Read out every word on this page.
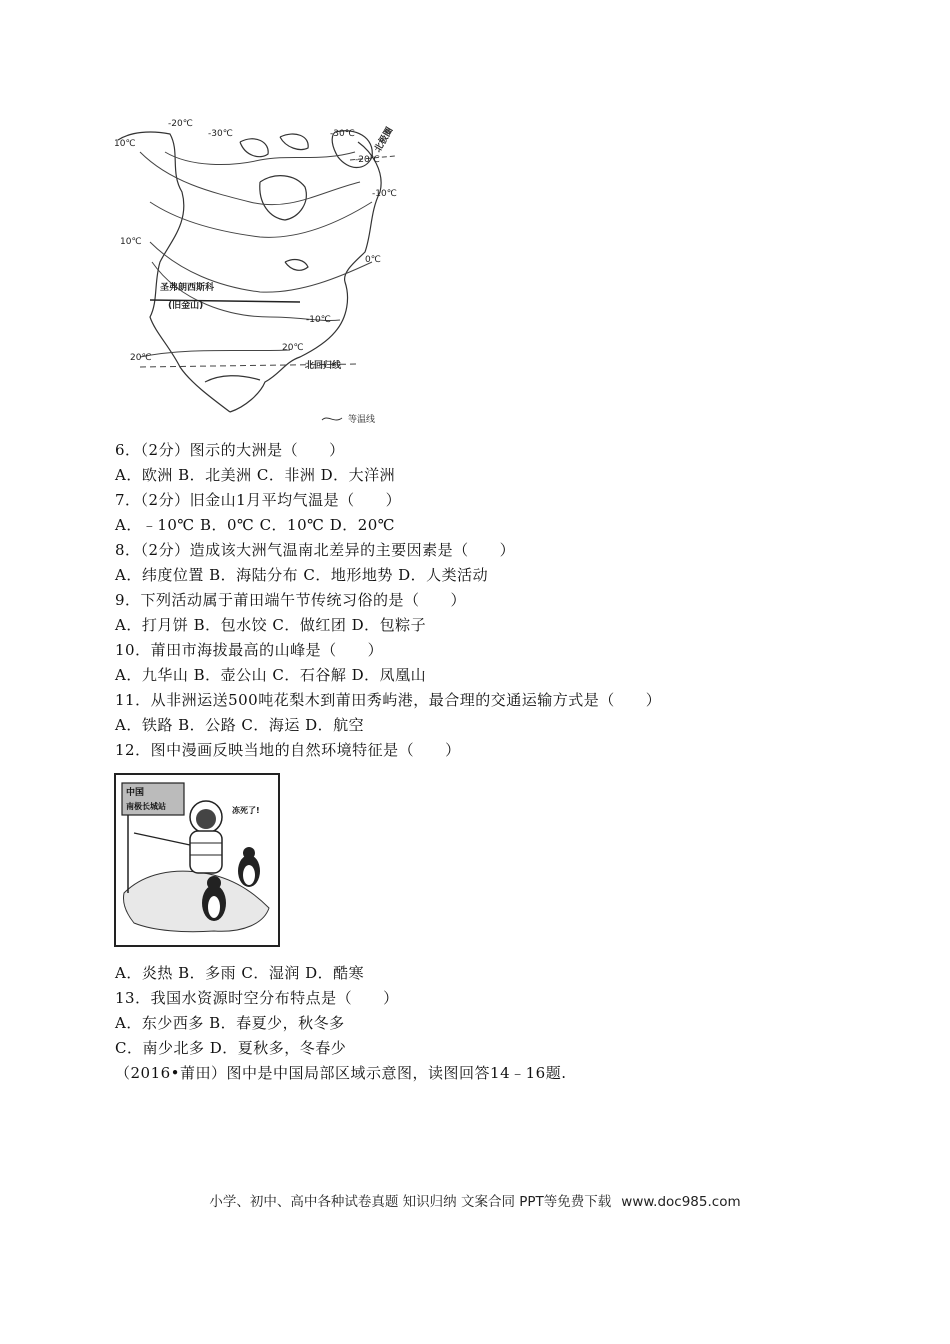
-20℃
-30℃	-30℃
-20℃
-10℃
10℃
0℃
-10℃
20℃
20℃
10℃
圣弗朗西斯科
(旧金山)
北回归线
北极圈
等温线
6．（2分）图示的大洲是（　　）
A．欧洲 B．北美洲 C．非洲 D．大洋洲
7．（2分）旧金山1月平均气温是（　　）
A．﹣10℃ B．0℃ C．10℃ D．20℃
8．（2分）造成该大洲气温南北差异的主要因素是（　　）
A．纬度位置 B．海陆分布 C．地形地势 D．人类活动
9．下列活动属于莆田端午节传统习俗的是（　　）
A．打月饼 B．包水饺 C．做红团 D．包粽子
10．莆田市海拔最高的山峰是（　　）
A．九华山 B．壶公山 C．石谷解 D．凤凰山
11．从非洲运送500吨花梨木到莆田秀屿港，最合理的交通运输方式是（　　）
A．铁路 B．公路 C．海运 D．航空
12．图中漫画反映当地的自然环境特征是（　　）
中国
南极长城站	冻死了!
A．炎热 B．多雨 C．湿润 D．酷寒
13．我国水资源时空分布特点是（　　）
A．东少西多 B．春夏少，秋冬多
C．南少北多 D．夏秋多，冬春少
（2016•莆田）图中是中国局部区域示意图，读图回答14﹣16题.
小学、初中、高中各种试卷真题 知识归纳 文案合同 PPT等免费下载 www.doc985.com
